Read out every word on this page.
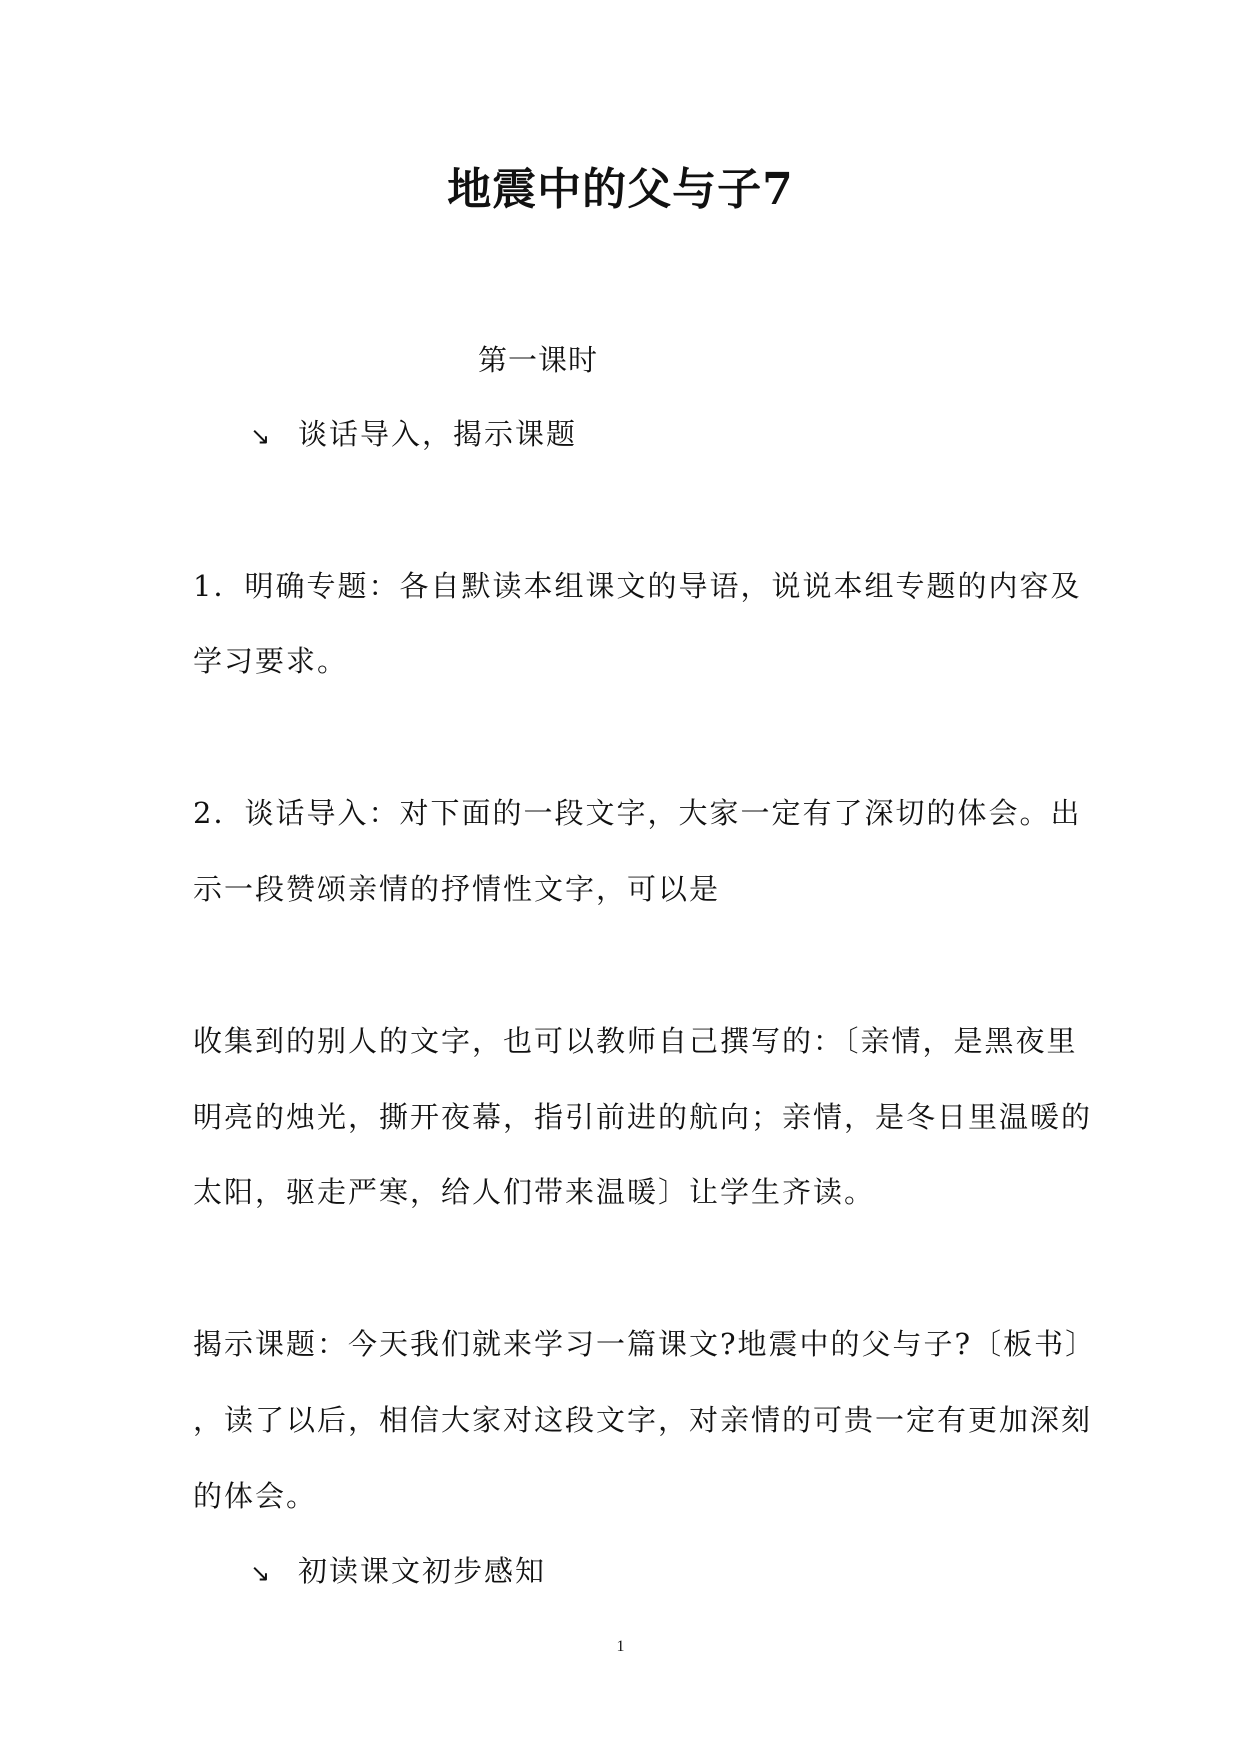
地震中的父与子7
第一课时
↘ 谈话导入，揭示课题
1．明确专题：各自默读本组课文的导语，说说本组专题的内容及
学习要求。
2．谈话导入：对下面的一段文字，大家一定有了深切的体会。出
示一段赞颂亲情的抒情性文字，可以是
收集到的别人的文字，也可以教师自己撰写的：〔亲情，是黑夜里
明亮的烛光，撕开夜幕，指引前进的航向；亲情，是冬日里温暖的
太阳，驱走严寒，给人们带来温暖〕让学生齐读。
揭示课题：今天我们就来学习一篇课文?地震中的父与子?〔板书〕
，读了以后，相信大家对这段文字，对亲情的可贵一定有更加深刻
的体会。
↘ 初读课文初步感知
1
